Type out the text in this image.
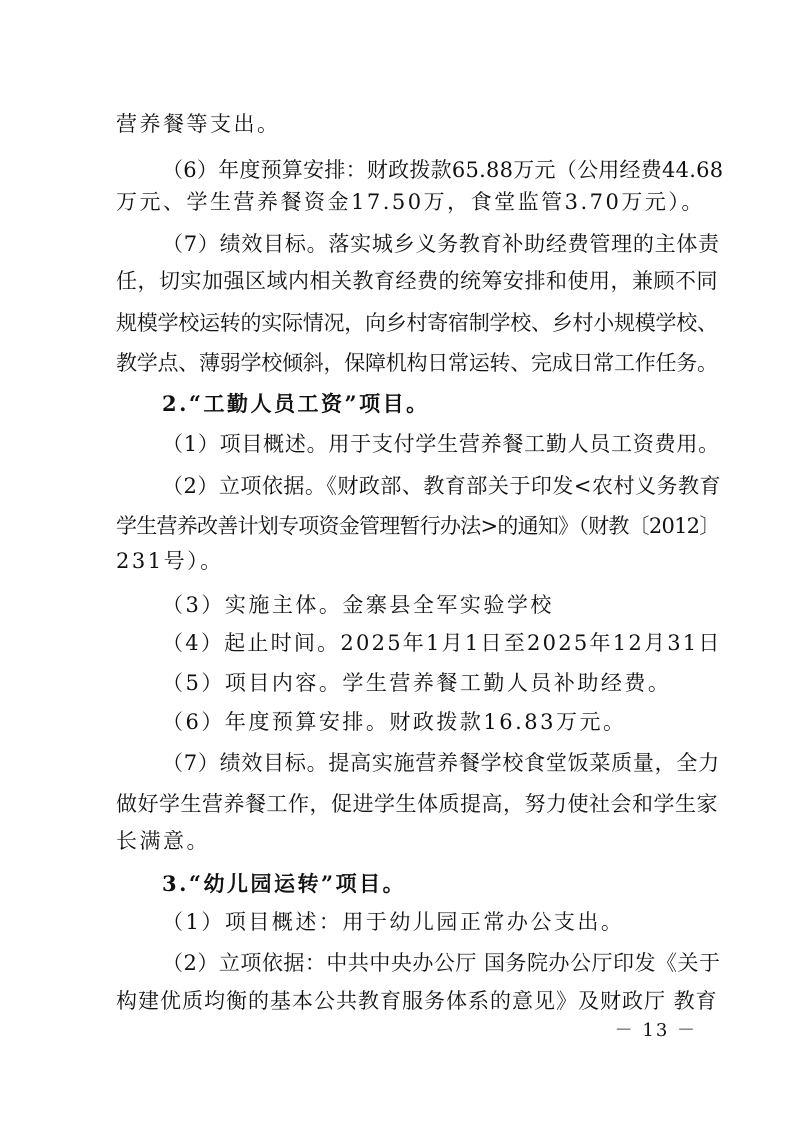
营养餐等支出。
（6）年度预算安排：财政拨款65.88万元（公用经费44.68
万元、学生营养餐资金17.50万，食堂监管3.70万元）。
（7）绩效目标。落实城乡义务教育补助经费管理的主体责
任，切实加强区域内相关教育经费的统筹安排和使用，兼顾不同
规模学校运转的实际情况，向乡村寄宿制学校、乡村小规模学校、
教学点、薄弱学校倾斜，保障机构日常运转、完成日常工作任务。
2.“工勤人员工资”项目。
（1）项目概述。用于支付学生营养餐工勤人员工资费用。
（2）立项依据。《财政部、教育部关于印发<农村义务教育
学生营养改善计划专项资金管理暂行办法>的通知》（财教〔2012〕
231号）。
（3）实施主体。金寨县全军实验学校
（4）起止时间。2025年1月1日至2025年12月31日
（5）项目内容。学生营养餐工勤人员补助经费。
（6）年度预算安排。财政拨款16.83万元。
（7）绩效目标。提高实施营养餐学校食堂饭菜质量，全力
做好学生营养餐工作，促进学生体质提高，努力使社会和学生家
长满意。
3.“幼儿园运转”项目。
（1）项目概述：用于幼儿园正常办公支出。
（2）立项依据：中共中央办公厅 国务院办公厅印发《关于
构建优质均衡的基本公共教育服务体系的意见》及财政厅 教育
－ 13 －
